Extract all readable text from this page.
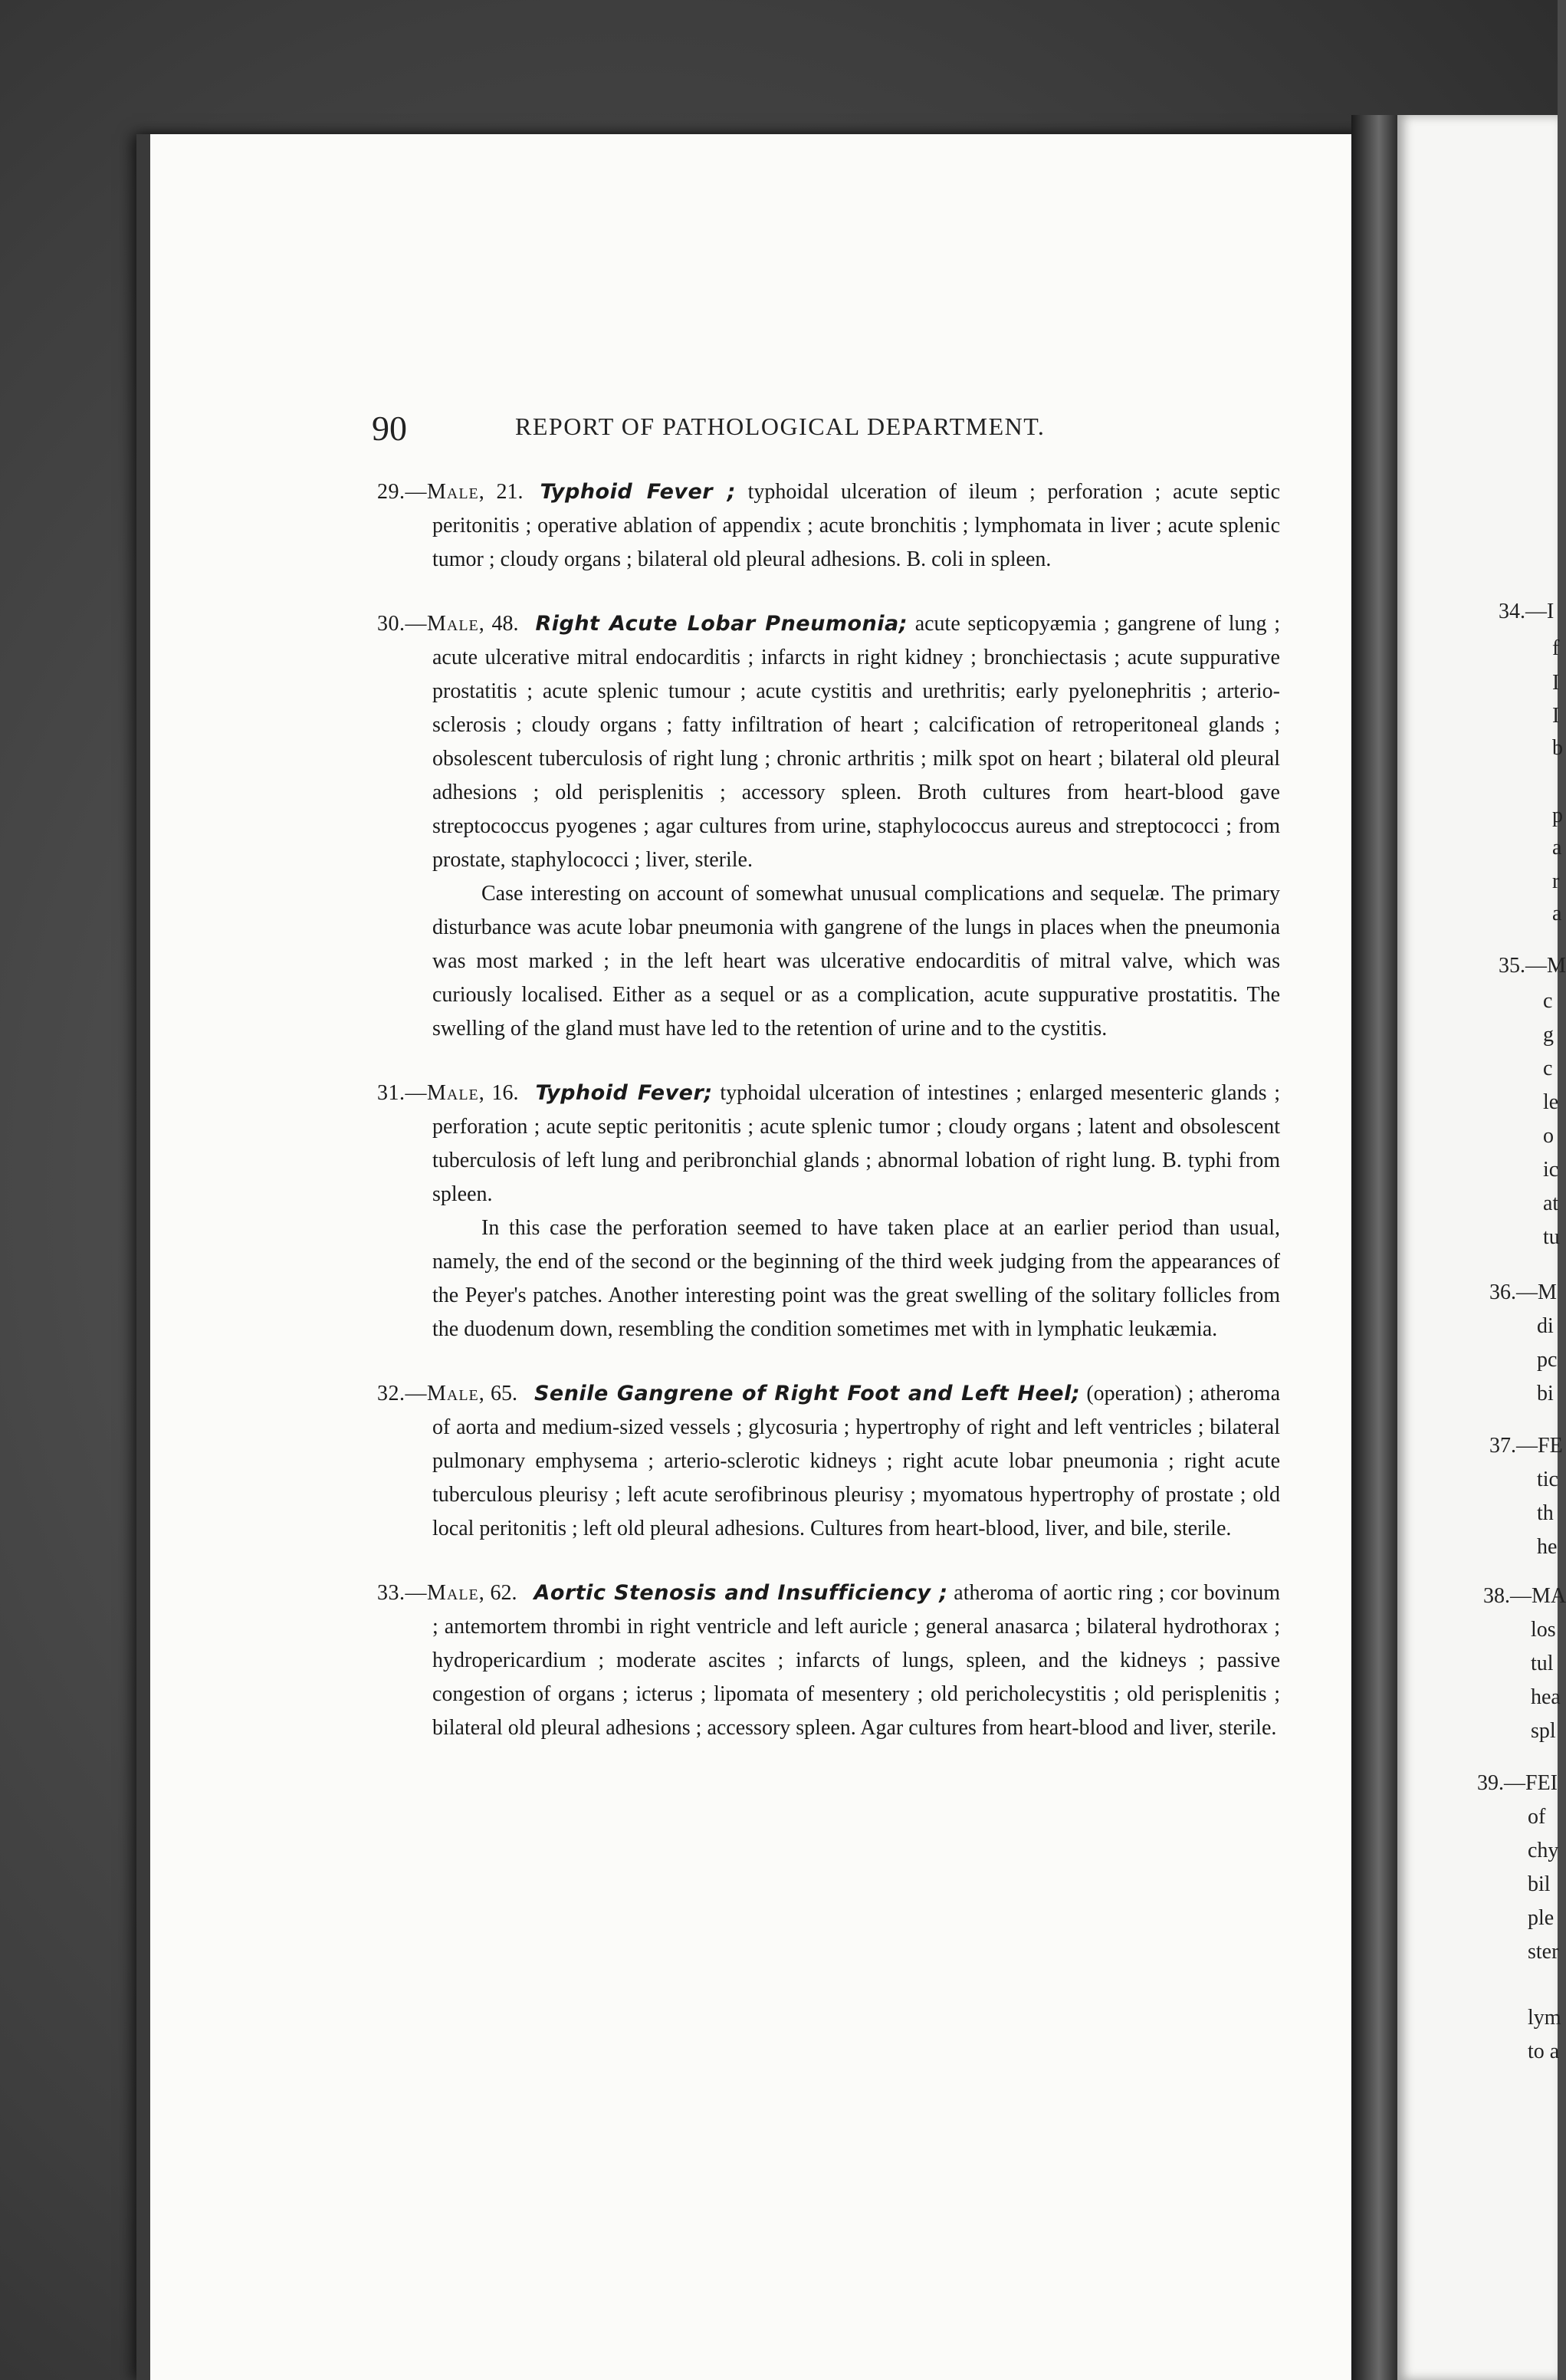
90	REPORT OF PATHOLOGICAL DEPARTMENT.
29.—Male, 21. Typhoid Fever ; typhoidal ulceration of ileum ; perforation ; acute septic peritonitis ; operative ablation of appendix ; acute bronchitis ; lymphomata in liver ; acute splenic tumor ; cloudy organs ; bilateral old pleural adhesions. B. coli in spleen.
30.—Male, 48. Right Acute Lobar Pneumonia; acute septicopyæmia ; gangrene of lung ; acute ulcerative mitral endocarditis ; infarcts in right kidney ; bronchiectasis ; acute suppurative prostatitis ; acute splenic tumour ; acute cystitis and urethritis; early pyelonephritis ; arterio-sclerosis ; cloudy organs ; fatty infiltration of heart ; calcification of retroperitoneal glands ; obsolescent tuberculosis of right lung ; chronic arthritis ; milk spot on heart ; bilateral old pleural adhesions ; old perisplenitis ; accessory spleen. Broth cultures from heart-blood gave streptococcus pyogenes ; agar cultures from urine, staphylococcus aureus and streptococci ; from prostate, staphylococci ; liver, sterile.
Case interesting on account of somewhat unusual complications and sequelæ. The primary disturbance was acute lobar pneumonia with gangrene of the lungs in places when the pneumonia was most marked ; in the left heart was ulcerative endocarditis of mitral valve, which was curiously localised. Either as a sequel or as a complication, acute suppurative prostatitis. The swelling of the gland must have led to the retention of urine and to the cystitis.
31.—Male, 16. Typhoid Fever; typhoidal ulceration of intestines ; enlarged mesenteric glands ; perforation ; acute septic peritonitis ; acute splenic tumor ; cloudy organs ; latent and obsolescent tuberculosis of left lung and peribronchial glands ; abnormal lobation of right lung. B. typhi from spleen.
In this case the perforation seemed to have taken place at an earlier period than usual, namely, the end of the second or the beginning of the third week judging from the appearances of the Peyer's patches. Another interesting point was the great swelling of the solitary follicles from the duodenum down, resembling the condition sometimes met with in lymphatic leukæmia.
32.—Male, 65. Senile Gangrene of Right Foot and Left Heel; (operation) ; atheroma of aorta and medium-sized vessels ; glycosuria ; hypertrophy of right and left ventricles ; bilateral pulmonary emphysema ; arterio-sclerotic kidneys ; right acute lobar pneumonia ; right acute tuberculous pleurisy ; left acute serofibrinous pleurisy ; myomatous hypertrophy of prostate ; old local peritonitis ; left old pleural adhesions. Cultures from heart-blood, liver, and bile, sterile.
33.—Male, 62. Aortic Stenosis and Insufficiency ; atheroma of aortic ring ; cor bovinum ; antemortem thrombi in right ventricle and left auricle ; general anasarca ; bilateral hydrothorax ; hydropericardium ; moderate ascites ; infarcts of lungs, spleen, and the kidneys ; passive congestion of organs ; icterus ; lipomata of mesentery ; old pericholecystitis ; old perisplenitis ; bilateral old pleural adhesions ; accessory spleen. Agar cultures from heart-blood and liver, sterile.
34.—I
f
I
I
b
p
a
r
a
35.—M
c
g
c
le
o
ic
at
tu
36.—M
di
pc
bi
37.—FE
tic
th
he
38.—MA
los
tul
hea
spl
39.—FEI
of
chy
bil
ple
ster
lym
to a
